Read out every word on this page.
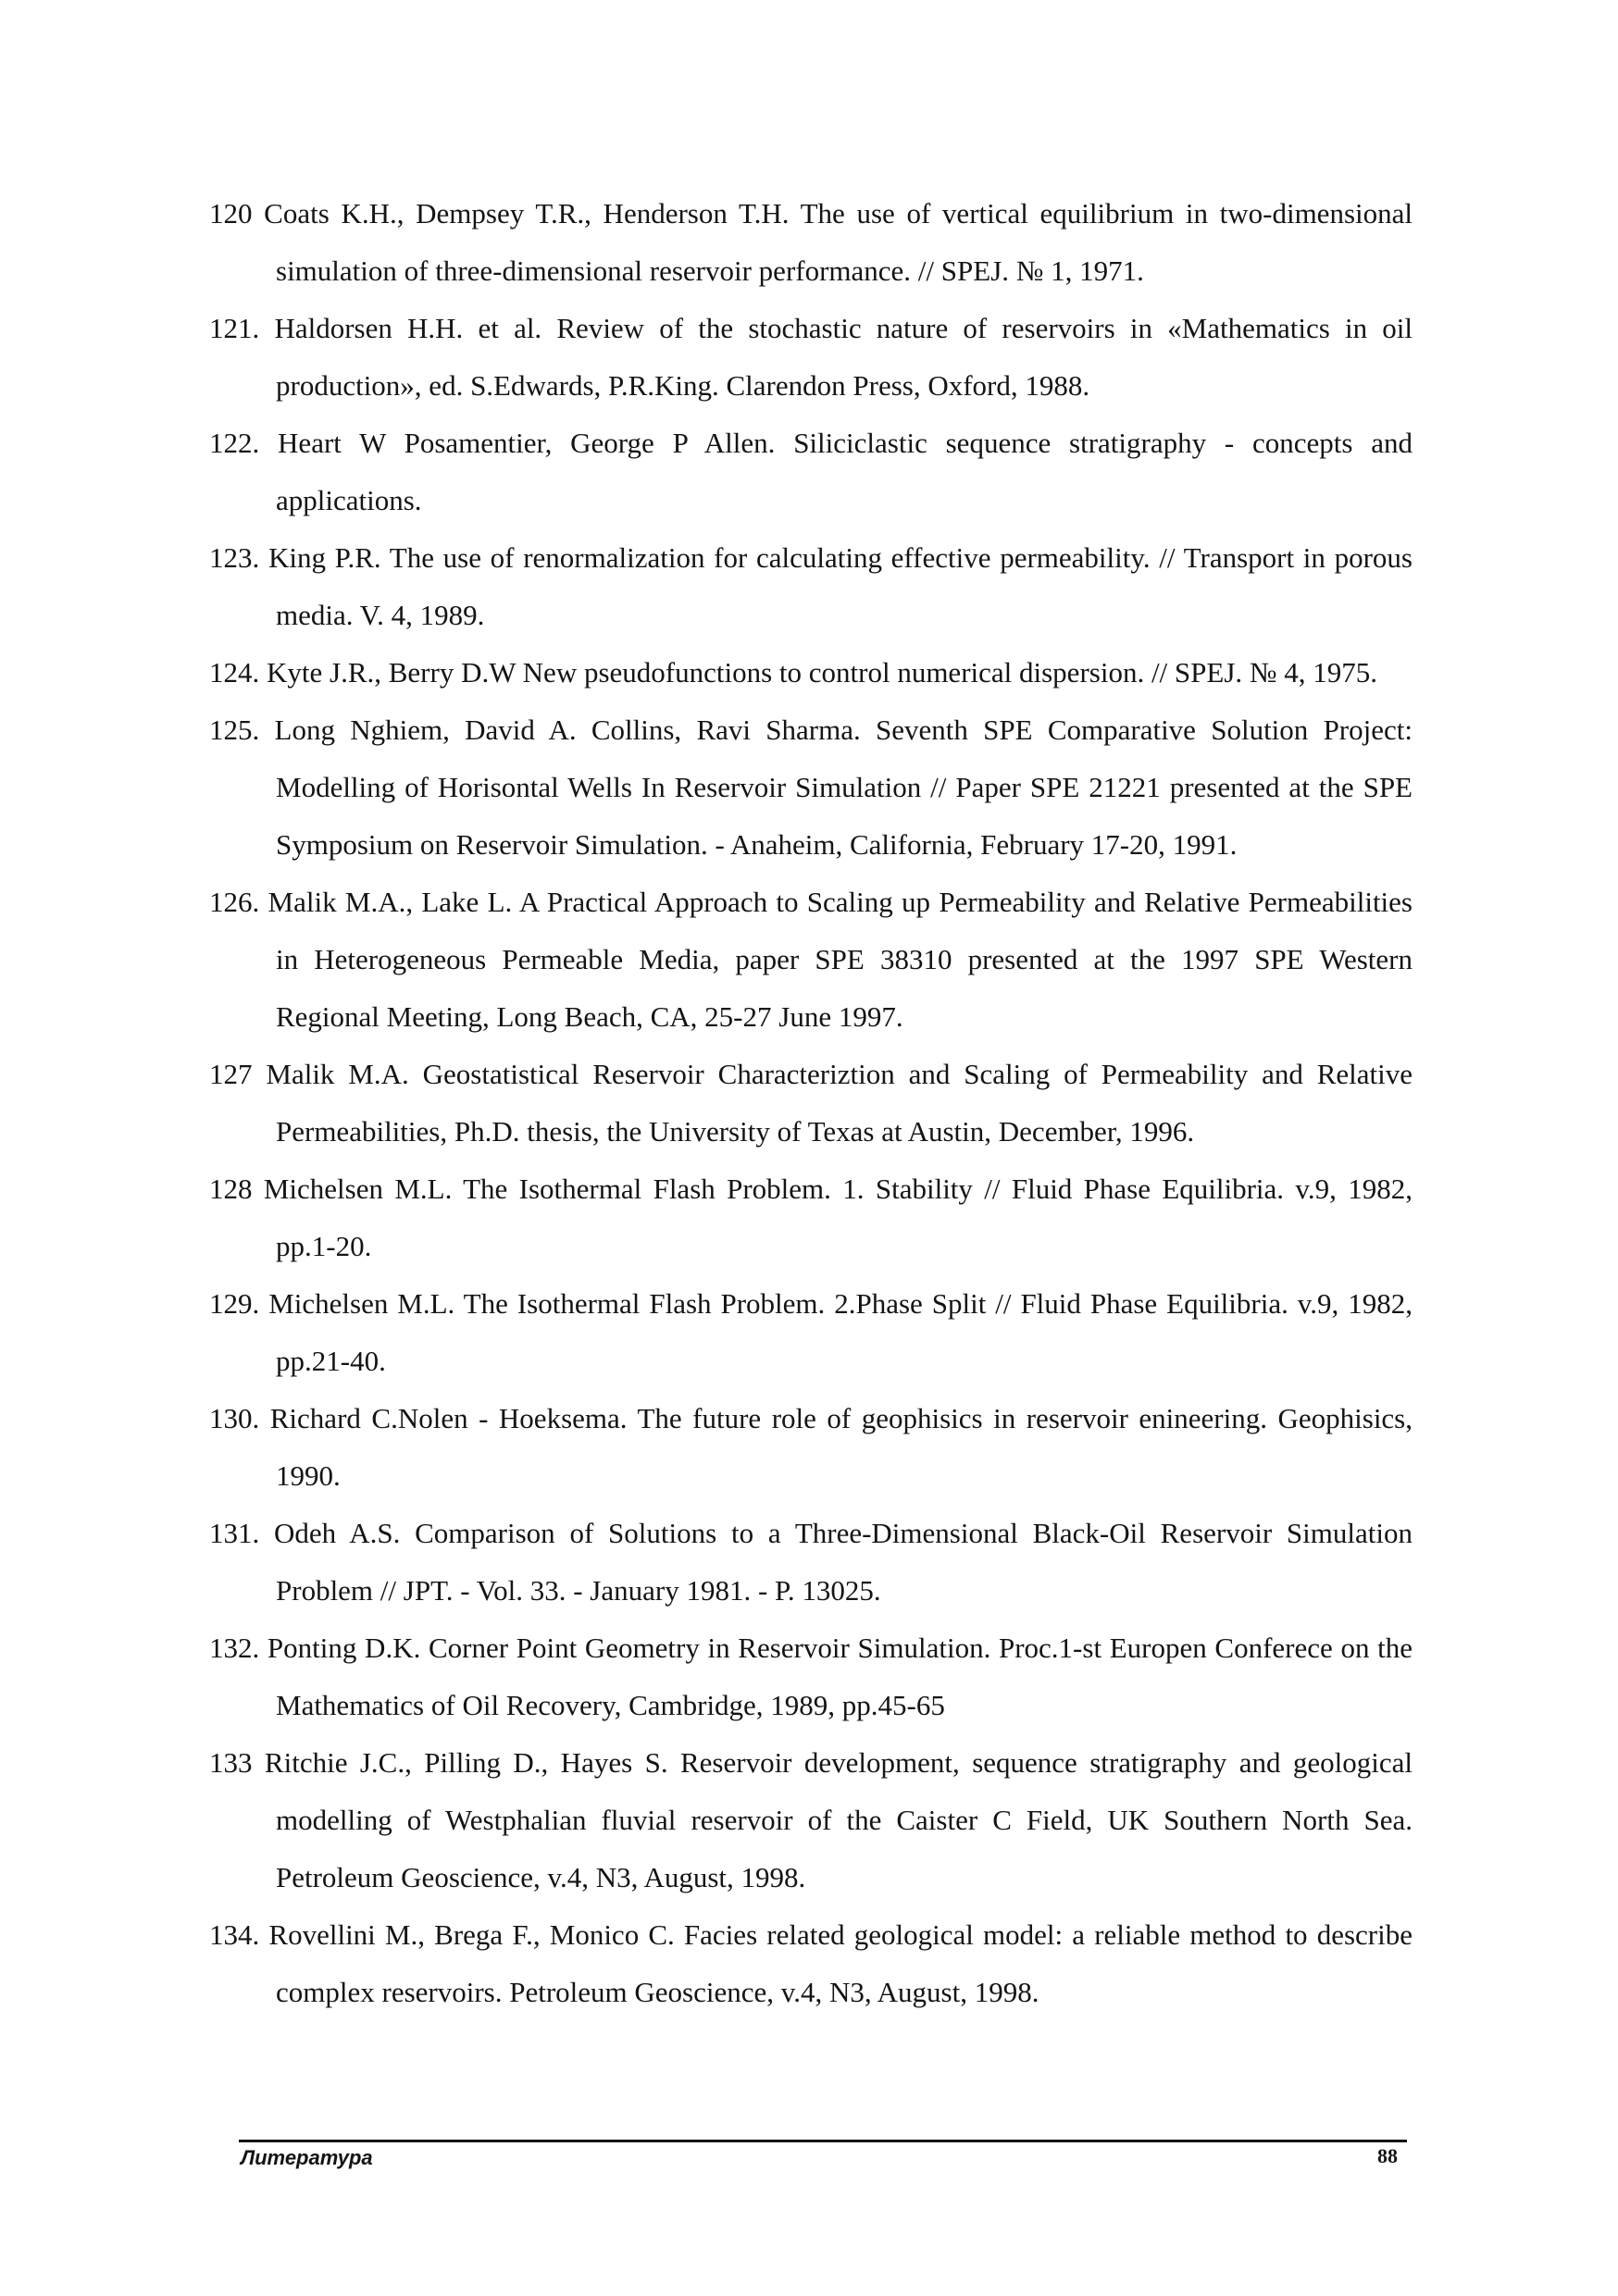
120 Coats K.H., Dempsey T.R., Henderson T.H. The use of vertical equilibrium in two-dimensional simulation of three-dimensional reservoir performance. // SPEJ. № 1, 1971.

121. Haldorsen H.H. et al. Review of the stochastic nature of reservoirs in «Mathematics in oil production», ed. S.Edwards, P.R.King. Clarendon Press, Oxford, 1988.

122. Heart W Posamentier, George P Allen. Siliciclastic sequence stratigraphy - concepts and applications.

123. King P.R. The use of renormalization for calculating effective permeability. // Transport in porous media. V. 4, 1989.

124. Kyte J.R., Berry D.W New pseudofunctions to control numerical dispersion. // SPEJ. № 4, 1975.

125. Long Nghiem, David A. Collins, Ravi Sharma. Seventh SPE Comparative Solution Project: Modelling of Horisontal Wells In Reservoir Simulation // Paper SPE 21221 presented at the SPE Symposium on Reservoir Simulation. - Anaheim, California, February 17-20, 1991.

126. Malik M.A., Lake L. A Practical Approach to Scaling up Permeability and Relative Permeabilities in Heterogeneous Permeable Media, paper SPE 38310 presented at the 1997 SPE Western Regional Meeting, Long Beach, CA, 25-27 June 1997.

127 Malik M.A. Geostatistical Reservoir Characteriztion and Scaling of Permeability and Relative Permeabilities, Ph.D. thesis, the University of Texas at Austin, December, 1996.

128 Michelsen M.L. The Isothermal Flash Problem. 1. Stability // Fluid Phase Equilibria. v.9, 1982, pp.1-20.

129. Michelsen M.L. The Isothermal Flash Problem. 2.Phase Split // Fluid Phase Equilibria. v.9, 1982, pp.21-40.

130. Richard C.Nolen - Hoeksema. The future role of geophisics in reservoir enineering. Geophisics, 1990.

131. Odeh A.S. Comparison of Solutions to a Three-Dimensional Black-Oil Reservoir Simulation Problem // JPT. - Vol. 33. - January 1981. - P. 13025.

132. Ponting D.K. Corner Point Geometry in Reservoir Simulation. Proc.1-st Europen Conferece on the Mathematics of Oil Recovery, Cambridge, 1989, pp.45-65

133 Ritchie J.C., Pilling D., Hayes S. Reservoir development, sequence stratigraphy and geological modelling of Westphalian fluvial reservoir of the Caister C Field, UK Southern North Sea. Petroleum Geoscience, v.4, N3, August, 1998.

134. Rovellini M., Brega F., Monico C. Facies related geological model: a reliable method to describe complex reservoirs. Petroleum Geoscience, v.4, N3, August, 1998.

Литература	88
